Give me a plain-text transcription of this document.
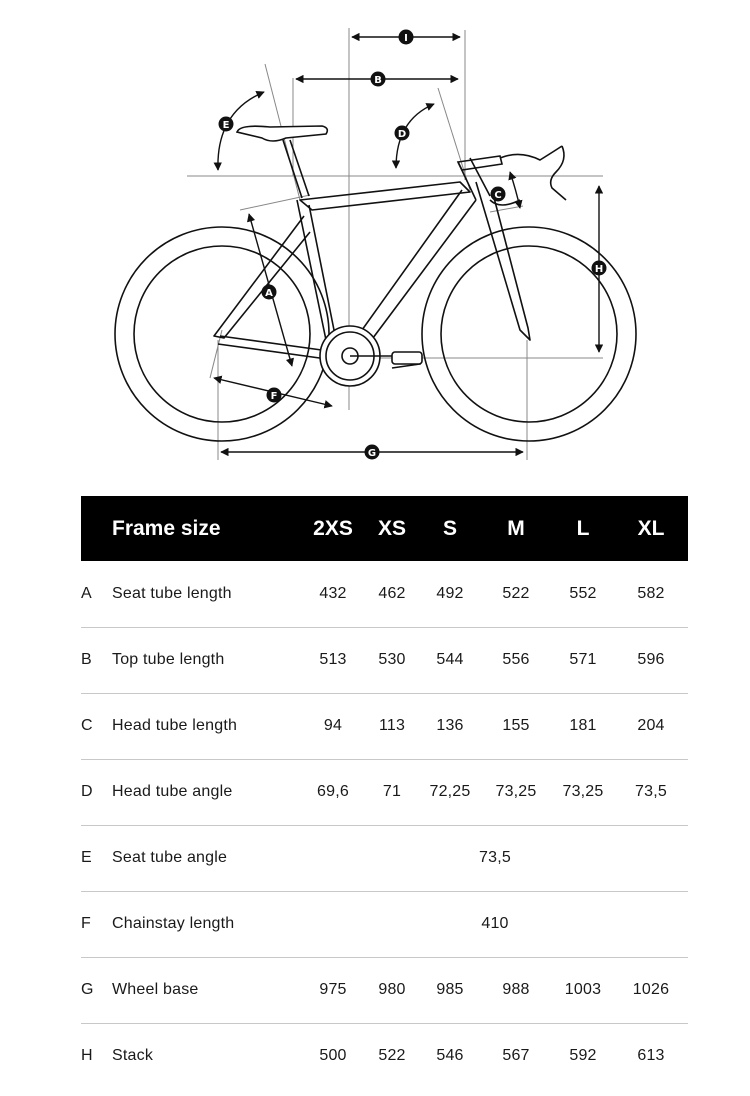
I
B
E
D
C
H
A
F
G
	Frame size	2XS	XS	S	M	L	XL
A	Seat tube length	432	462	492	522	552	582
B	Top tube length	513	530	544	556	571	596
C	Head tube length	94	113	136	155	181	204
D	Head tube angle	69,6	71	72,25	73,25	73,25	73,5
E	Seat tube angle	73,5					
F	Chainstay length	410					
G	Wheel base	975	980	985	988	1003	1026
H	Stack	500	522	546	567	592	613
